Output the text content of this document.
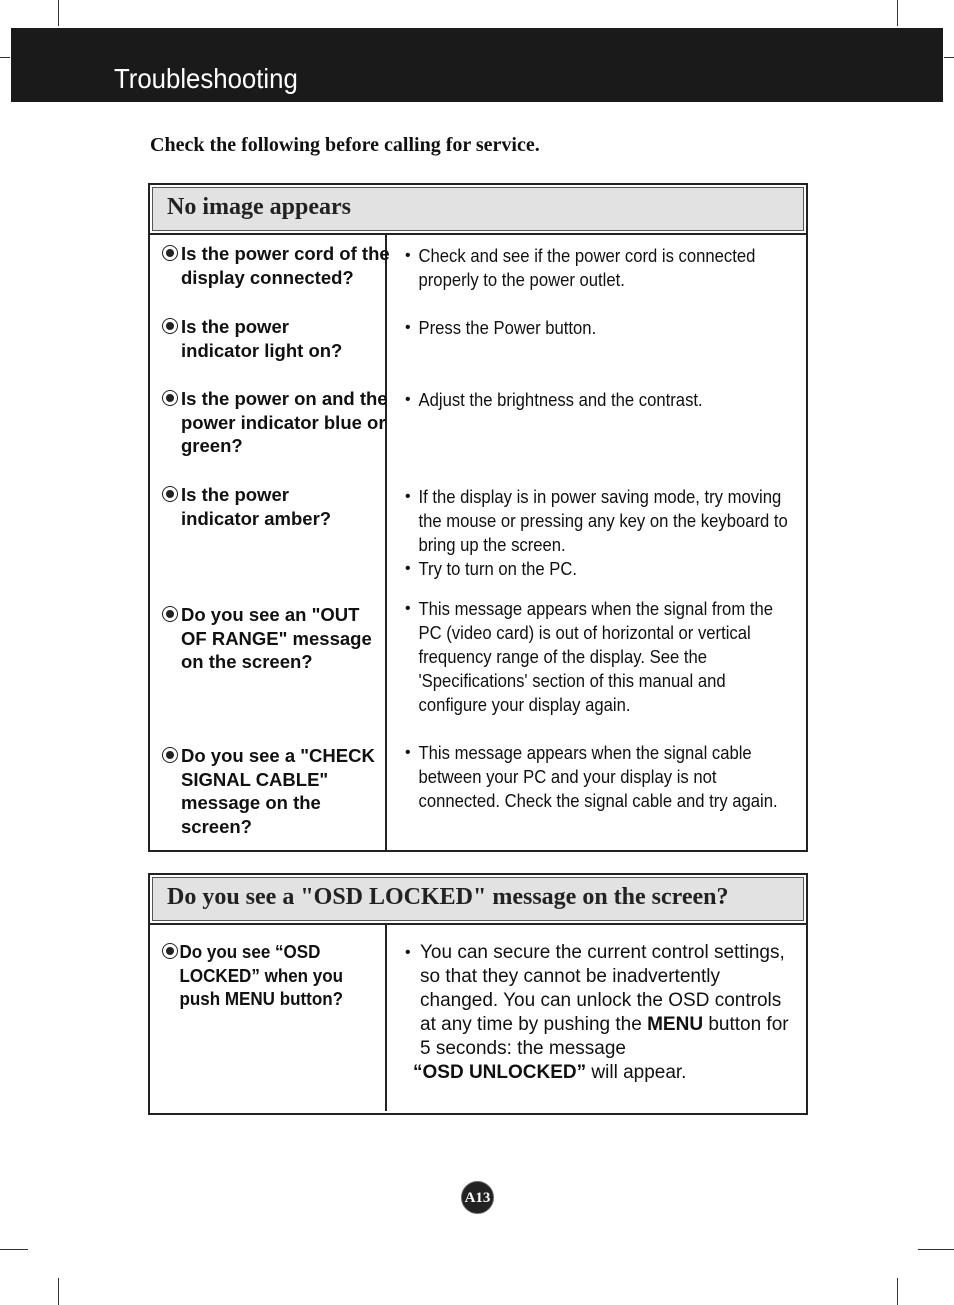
Troubleshooting
Check the following before calling for service.
No image appears
Is the power cord of the display connected?
• Check and see if the power cord is connected properly to the power outlet.
Is the power indicator light on?
• Press the Power button.
Is the power on and the power indicator blue or green?
• Adjust the brightness and the contrast.
Is the power indicator amber?
• If the display is in power saving mode, try moving the mouse or pressing any key on the keyboard to bring up the screen.
• Try to turn on the PC.
Do you see an "OUT OF RANGE" message on the screen?
• This message appears when the signal from the PC (video card) is out of horizontal or vertical frequency range of the display. See the 'Specifications' section of this manual and configure your display again.
Do you see a "CHECK SIGNAL CABLE" message on the screen?
• This message appears when the signal cable between your PC and your display is not connected. Check the signal cable and try again.
Do you see a "OSD LOCKED" message on the screen?
Do you see “OSD LOCKED” when you push MENU button?
• You can secure the current control settings, so that they cannot be inadvertently changed. You can unlock the OSD controls at any time by pushing the MENU button for 5 seconds: the message
“OSD UNLOCKED” will appear.
A13
